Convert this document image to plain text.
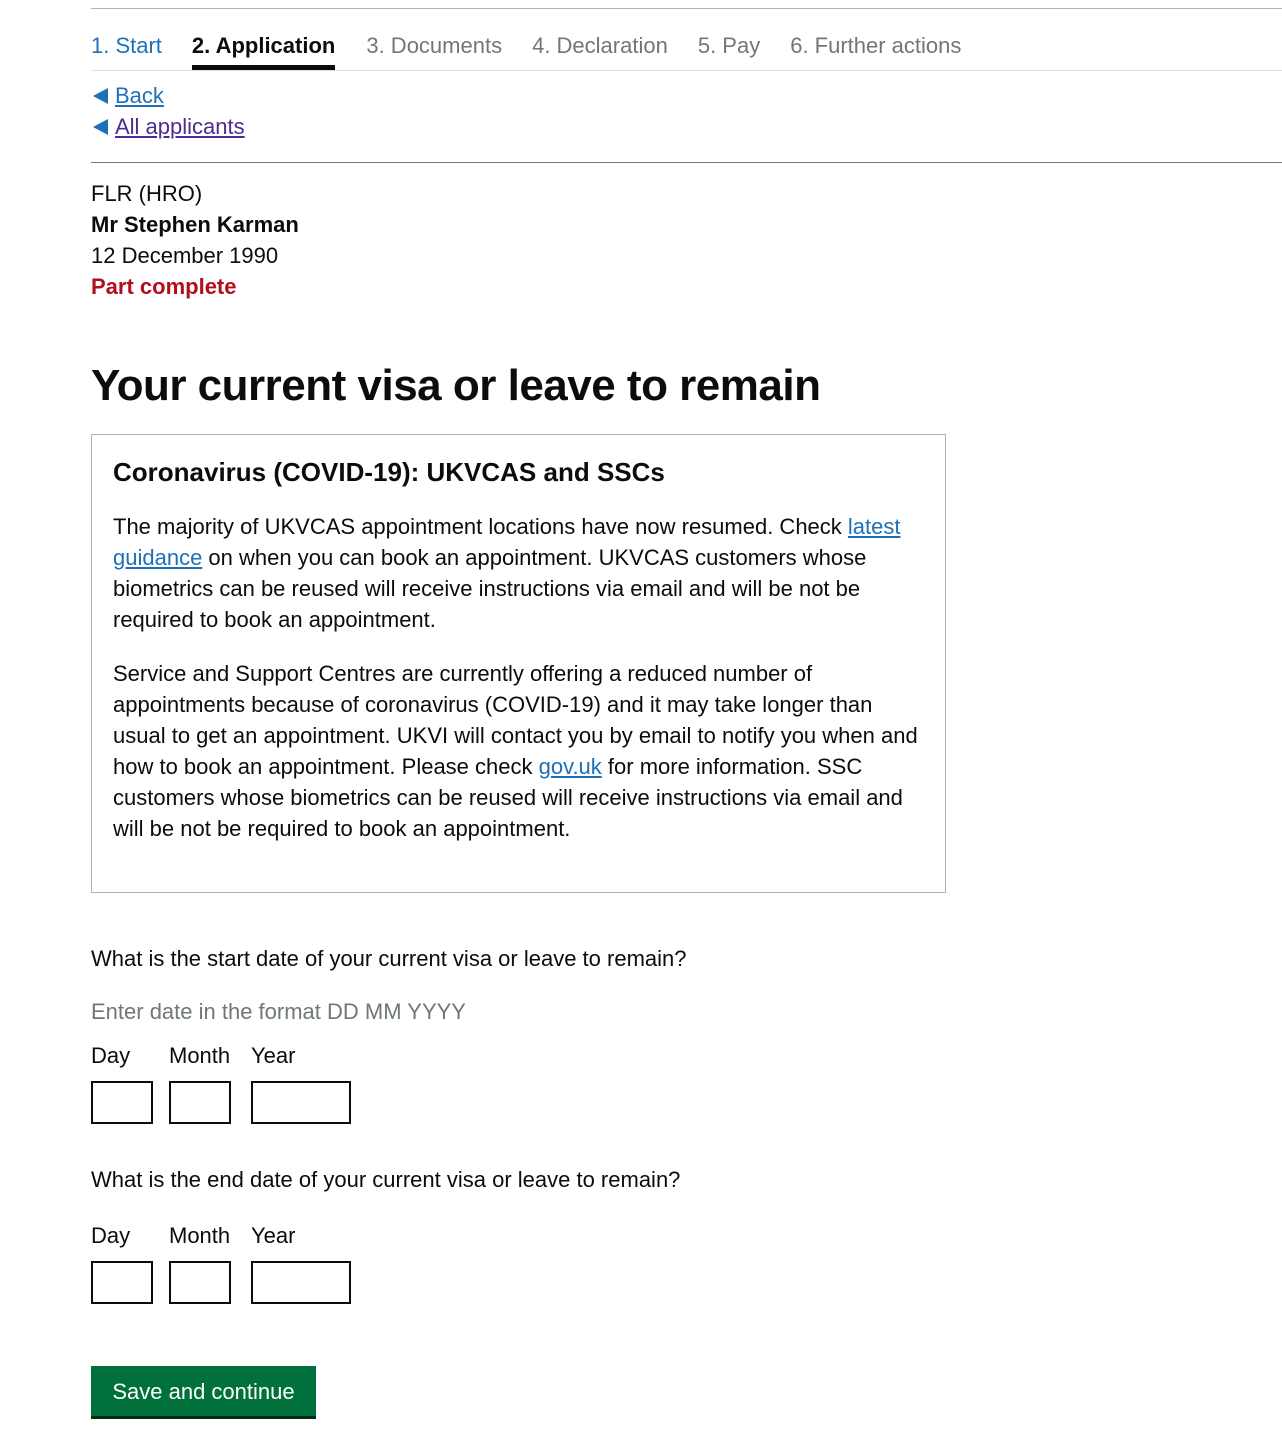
1. Start 2. Application 3. Documents 4. Declaration 5. Pay 6. Further actions
Back
All applicants
FLR (HRO)
Mr Stephen Karman
12 December 1990
Part complete
Your current visa or leave to remain
Coronavirus (COVID-19): UKVCAS and SSCs

The majority of UKVCAS appointment locations have now resumed. Check latest guidance on when you can book an appointment. UKVCAS customers whose biometrics can be reused will receive instructions via email and will be not be required to book an appointment.

Service and Support Centres are currently offering a reduced number of appointments because of coronavirus (COVID-19) and it may take longer than usual to get an appointment. UKVI will contact you by email to notify you when and how to book an appointment. Please check gov.uk for more information. SSC customers whose biometrics can be reused will receive instructions via email and will be not be required to book an appointment.

What is the start date of your current visa or leave to remain?
Enter date in the format DD MM YYYY
Day	Month Year
What is the end date of your current visa or leave to remain?
Day	Month Year
Save and continue
